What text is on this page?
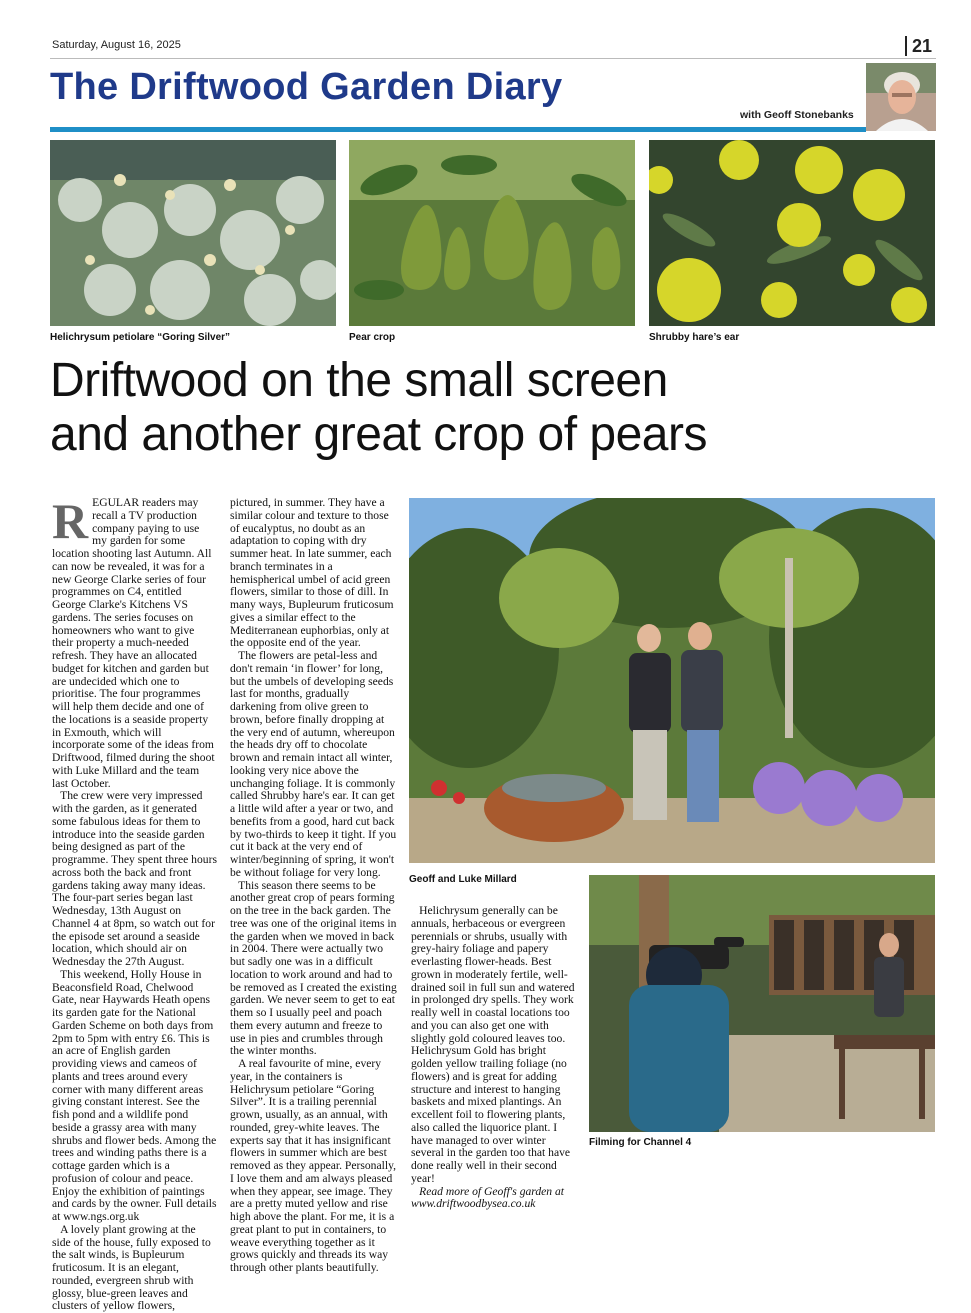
Saturday, August 16, 2025	21
The Driftwood Garden Diary
with Geoff Stonebanks
Helichrysum petiolare “Goring Silver”	Pear crop	Shrubby hare’s ear
Driftwood on the small screen
and another great crop of pears

REGULAR readers may recall a TV production company paying to use my garden for some location shooting last Autumn. All can now be revealed, it was for a new George Clarke series of four programmes on C4, entitled George Clarke's Kitchens VS gardens. The series focuses on homeowners who want to give their property a much-needed refresh. They have an allocated budget for kitchen and garden but are undecided which one to prioritise. The four programmes will help them decide and one of the locations is a seaside property in Exmouth, which will incorporate some of the ideas from Driftwood, filmed during the shoot with Luke Millard and the team last October.

The crew were very impressed with the garden, as it generated some fabulous ideas for them to introduce into the seaside garden being designed as part of the programme. They spent three hours across both the back and front gardens taking away many ideas. The four-part series began last Wednesday, 13th August on Channel 4 at 8pm, so watch out for the episode set around a seaside location, which should air on Wednesday the 27th August.

This weekend, Holly House in Beaconsfield Road, Chelwood Gate, near Haywards Heath opens its garden gate for the National Garden Scheme on both days from 2pm to 5pm with entry £6. This is an acre of English garden providing views and cameos of plants and trees around every corner with many different areas giving constant interest. See the fish pond and a wildlife pond beside a grassy area with many shrubs and flower beds. Among the trees and winding paths there is a cottage garden which is a profusion of colour and peace. Enjoy the exhibition of paintings and cards by the owner. Full details at www.ngs.org.uk

A lovely plant growing at the side of the house, fully exposed to the salt winds, is Bupleurum fruticosum. It is an elegant, rounded, evergreen shrub with glossy, blue-green leaves and clusters of yellow flowers,

pictured, in summer. They have a similar colour and texture to those of eucalyptus, no doubt as an adaptation to coping with dry summer heat. In late summer, each branch terminates in a hemispherical umbel of acid green flowers, similar to those of dill. In many ways, Bupleurum fruticosum gives a similar effect to the Mediterranean euphorbias, only at the opposite end of the year.

The flowers are petal-less and don't remain ‘in flower’ for long, but the umbels of developing seeds last for months, gradually darkening from olive green to brown, before finally dropping at the very end of autumn, whereupon the heads dry off to chocolate brown and remain intact all winter, looking very nice above the unchanging foliage. It is commonly called Shrubby hare's ear. It can get a little wild after a year or two, and benefits from a good, hard cut back by two-thirds to keep it tight. If you cut it back at the very end of winter/beginning of spring, it won't be without foliage for very long.

This season there seems to be another great crop of pears forming on the tree in the back garden. The tree was one of the original items in the garden when we moved in back in 2004. There were actually two but sadly one was in a difficult location to work around and had to be removed as I created the existing garden. We never seem to get to eat them so I usually peel and poach them every autumn and freeze to use in pies and crumbles through the winter months.

A real favourite of mine, every year, in the containers is Helichrysum petiolare “Goring Silver”. It is a trailing perennial grown, usually, as an annual, with rounded, grey-white leaves. The experts say that it has insignificant flowers in summer which are best removed as they appear. Personally, I love them and am always pleased when they appear, see image. They are a pretty muted yellow and rise high above the plant. For me, it is a great plant to put in containers, to weave everything together as it grows quickly and threads its way through other plants beautifully.

Geoff and Luke Millard

Helichrysum generally can be annuals, herbaceous or evergreen perennials or shrubs, usually with grey-hairy foliage and papery everlasting flower-heads. Best grown in moderately fertile, well-drained soil in full sun and watered in prolonged dry spells. They work really well in coastal locations too and you can also get one with slightly gold coloured leaves too. Helichrysum Gold has bright golden yellow trailing foliage (no flowers) and is great for adding structure and interest to hanging baskets and mixed plantings. An excellent foil to flowering plants, also called the liquorice plant. I have managed to over winter several in the garden too that have done really well in their second year!

Read more of Geoff's garden at www.driftwoodbysea.co.uk

Filming for Channel 4
